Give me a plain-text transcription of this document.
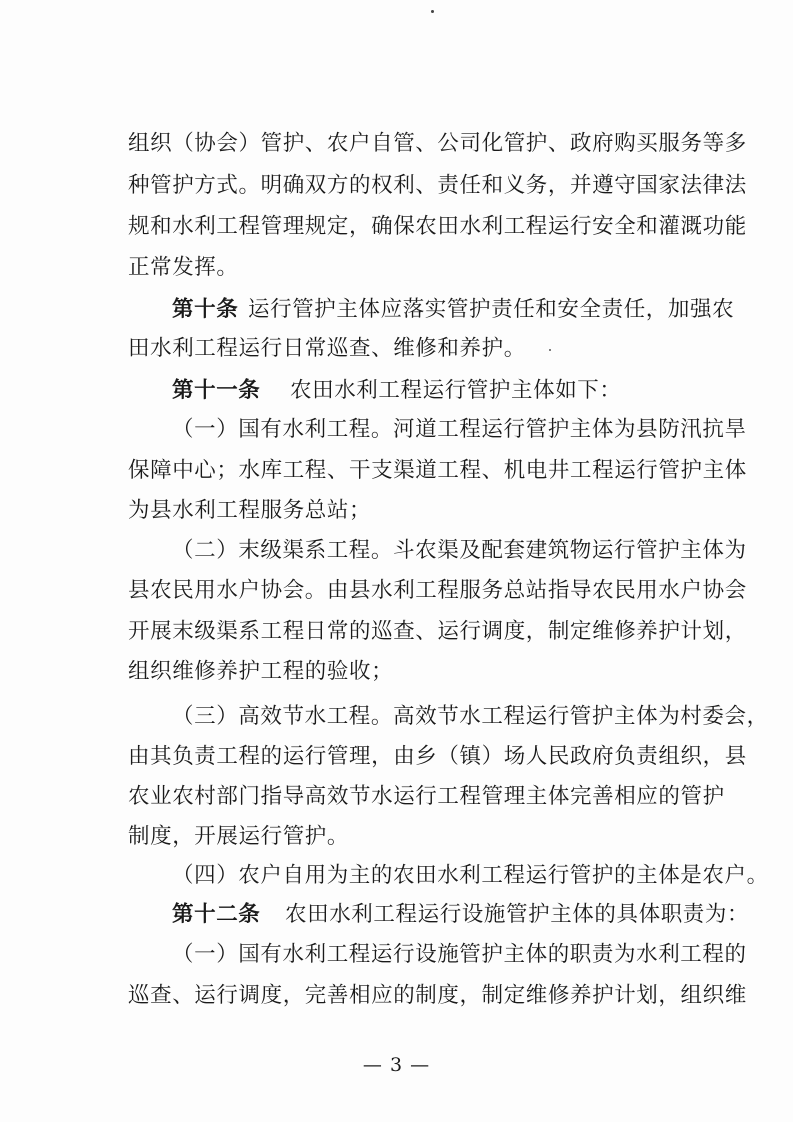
组织（协会）管护、农户自管、公司化管护、政府购买服务等多
种管护方式。明确双方的权利、责任和义务，并遵守国家法律法
规和水利工程管理规定，确保农田水利工程运行安全和灌溉功能
正常发挥。
第十条 运行管护主体应落实管护责任和安全责任，加强农
田水利工程运行日常巡查、维修和养护。
第十一条 农田水利工程运行管护主体如下：
（一）国有水利工程。河道工程运行管护主体为县防汛抗旱
保障中心；水库工程、干支渠道工程、机电井工程运行管护主体
为县水利工程服务总站；
（二）末级渠系工程。斗农渠及配套建筑物运行管护主体为
县农民用水户协会。由县水利工程服务总站指导农民用水户协会
开展末级渠系工程日常的巡查、运行调度，制定维修养护计划，
组织维修养护工程的验收；
（三）高效节水工程。高效节水工程运行管护主体为村委会，
由其负责工程的运行管理，由乡（镇）场人民政府负责组织，县
农业农村部门指导高效节水运行工程管理主体完善相应的管护
制度，开展运行管护。
（四）农户自用为主的农田水利工程运行管护的主体是农户。
第十二条 农田水利工程运行设施管护主体的具体职责为：
（一）国有水利工程运行设施管护主体的职责为水利工程的
巡查、运行调度，完善相应的制度，制定维修养护计划，组织维
— 3 —
